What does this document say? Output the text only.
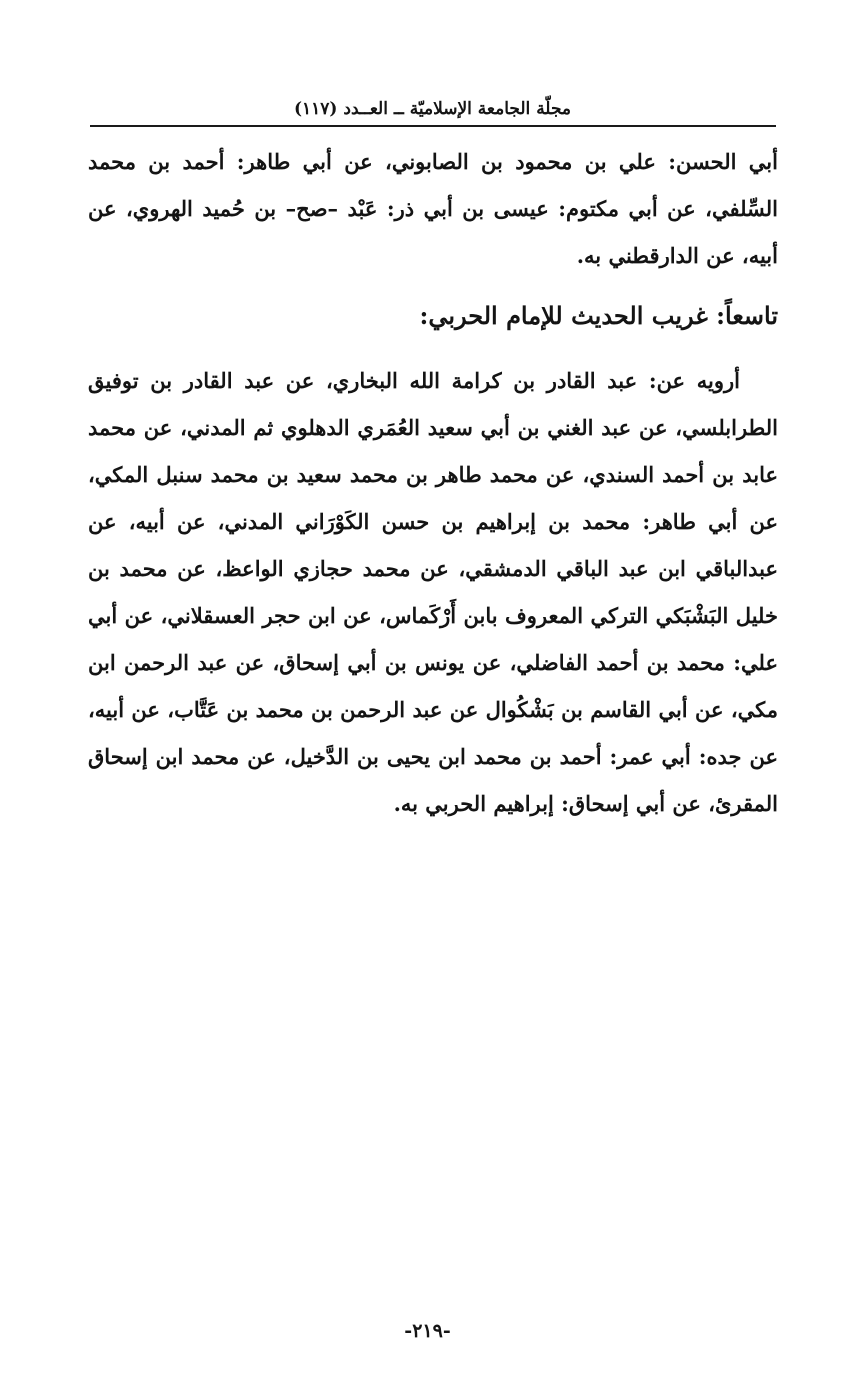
مجلّة الجامعة الإسلاميّة ــ العــدد (١١٧)

أبي الحسن: علي بن محمود بن الصابوني، عن أبي طاهر: أحمد بن محمد السِّلفي، عن أبي مكتوم: عيسى بن أبي ذر: عَبْد –صح– بن حُميد الهروي، عن أبيه، عن الدارقطني به.

تاسعاً: غريب الحديث للإمام الحربي:

أرويه عن: عبد القادر بن كرامة الله البخاري، عن عبد القادر بن توفيق الطرابلسي، عن عبد الغني بن أبي سعيد العُمَري الدهلوي ثم المدني، عن محمد عابد بن أحمد السندي، عن محمد طاهر بن محمد سعيد بن محمد سنبل المكي، عن أبي طاهر: محمد بن إبراهيم بن حسن الكَوْرَاني المدني، عن أبيه، عن عبدالباقي ابن عبد الباقي الدمشقي، عن محمد حجازي الواعظ، عن محمد بن خليل البَشْبَكي التركي المعروف بابن أَرْكَماس، عن ابن حجر العسقلاني، عن أبي علي: محمد بن أحمد الفاضلي، عن يونس بن أبي إسحاق، عن عبد الرحمن ابن مكي، عن أبي القاسم بن بَشْكُوال عن عبد الرحمن بن محمد بن عَتَّاب، عن أبيه، عن جده: أبي عمر: أحمد بن محمد ابن يحيى بن الدَّخيل، عن محمد ابن إسحاق المقرئ، عن أبي إسحاق: إبراهيم الحربي به.

-٢١٩-
